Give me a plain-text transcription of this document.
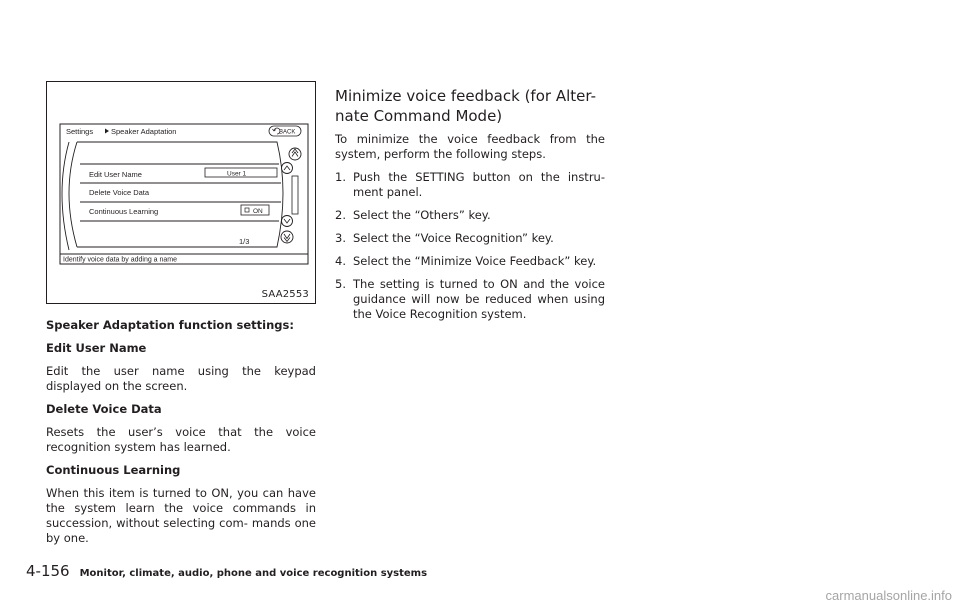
Settings Speaker Adaptation	BACK
Edit User Name	User 1
Delete Voice Data
Continuous Learning	ON
1/3
Identify voice data by adding a name
SAA2553

Speaker Adaptation function settings:

Edit User Name

Edit the user name using the keypad displayed on the screen.

Delete Voice Data

Resets the user’s voice that the voice recognition system has learned.

Continuous Learning

When this item is turned to ON, you can have the system learn the voice commands in succession, without selecting com- mands one by one.

Minimize voice feedback (for Alter- nate Command Mode)

To minimize the voice feedback from the system, perform the following steps.

1. Push the SETTING button on the instru- ment panel.
2. Select the “Others” key.
3. Select the “Voice Recognition” key.
4. Select the “Minimize Voice Feedback” key.
5. The setting is turned to ON and the voice guidance will now be reduced when using the Voice Recognition system.
4-156 Monitor, climate, audio, phone and voice recognition systems
carmanualsonline.info
